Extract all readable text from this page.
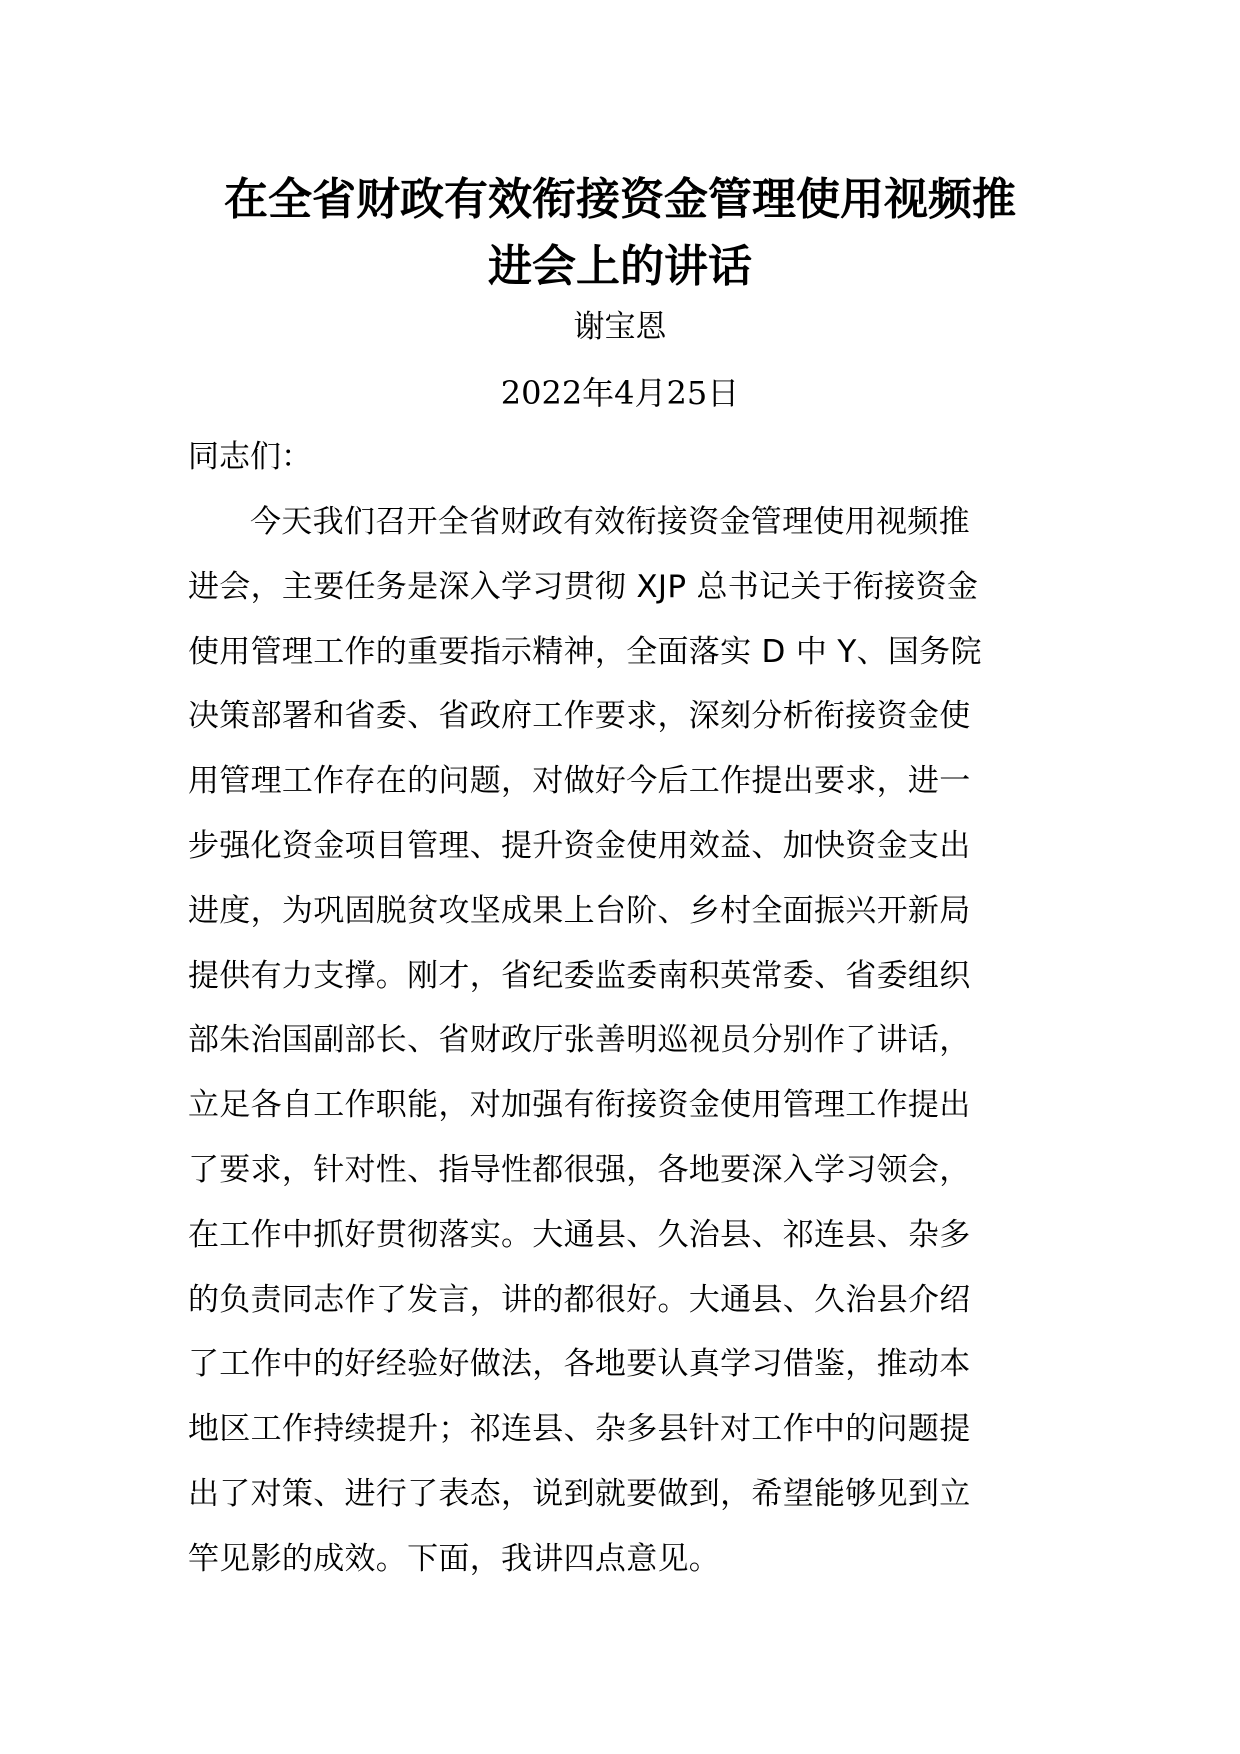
在全省财政有效衔接资金管理使用视频推
进会上的讲话
谢宝恩
2022年4月25日
同志们：
今天我们召开全省财政有效衔接资金管理使用视频推
进会，主要任务是深入学习贯彻 XJP 总书记关于衔接资金
使用管理工作的重要指示精神，全面落实 D 中 Y、国务院
决策部署和省委、省政府工作要求，深刻分析衔接资金使
用管理工作存在的问题，对做好今后工作提出要求，进一
步强化资金项目管理、提升资金使用效益、加快资金支出
进度，为巩固脱贫攻坚成果上台阶、乡村全面振兴开新局
提供有力支撑。刚才，省纪委监委南积英常委、省委组织
部朱治国副部长、省财政厅张善明巡视员分别作了讲话，
立足各自工作职能，对加强有衔接资金使用管理工作提出
了要求，针对性、指导性都很强，各地要深入学习领会，
在工作中抓好贯彻落实。大通县、久治县、祁连县、杂多
的负责同志作了发言，讲的都很好。大通县、久治县介绍
了工作中的好经验好做法，各地要认真学习借鉴，推动本
地区工作持续提升；祁连县、杂多县针对工作中的问题提
出了对策、进行了表态，说到就要做到，希望能够见到立
竿见影的成效。下面，我讲四点意见。
